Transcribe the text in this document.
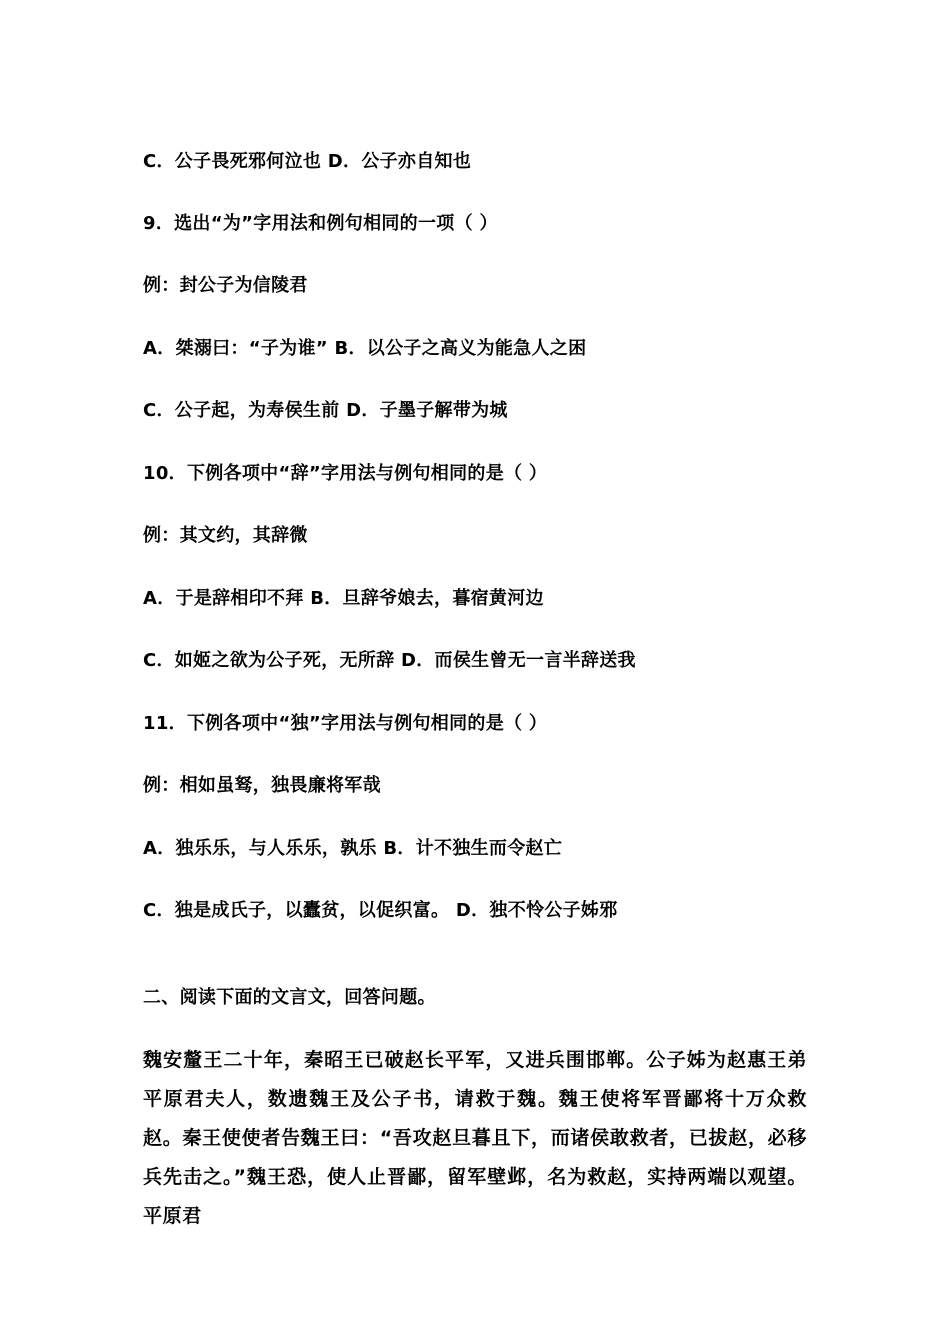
C．公子畏死邪何泣也 D．公子亦自知也
9．选出“为”字用法和例句相同的一项（ ）
例：封公子为信陵君
A．桀溺曰：“子为谁” B．以公子之高义为能急人之困
C．公子起，为寿侯生前 D．子墨子解带为城
10．下例各项中“辞”字用法与例句相同的是（ ）
例：其文约，其辞微
A．于是辞相印不拜 B．旦辞爷娘去，暮宿黄河边
C．如姬之欲为公子死，无所辞 D．而侯生曾无一言半辞送我
11．下例各项中“独”字用法与例句相同的是（ ）
例：相如虽驽，独畏廉将军哉
A．独乐乐，与人乐乐，孰乐 B．计不独生而令赵亡
C．独是成氏子，以蠹贫，以促织富。 D．独不怜公子姊邪
二、阅读下面的文言文，回答问题。
魏安釐王二十年，秦昭王已破赵长平军，又进兵围邯郸。公子姊为赵惠王弟平原君夫人，数遗魏王及公子书，请救于魏。魏王使将军晋鄙将十万众救赵。秦王使使者告魏王曰：“吾攻赵旦暮且下，而诸侯敢救者，已拔赵，必移兵先击之。”魏王恐，使人止晋鄙，留军壁邺，名为救赵，实持两端以观望。平原君
